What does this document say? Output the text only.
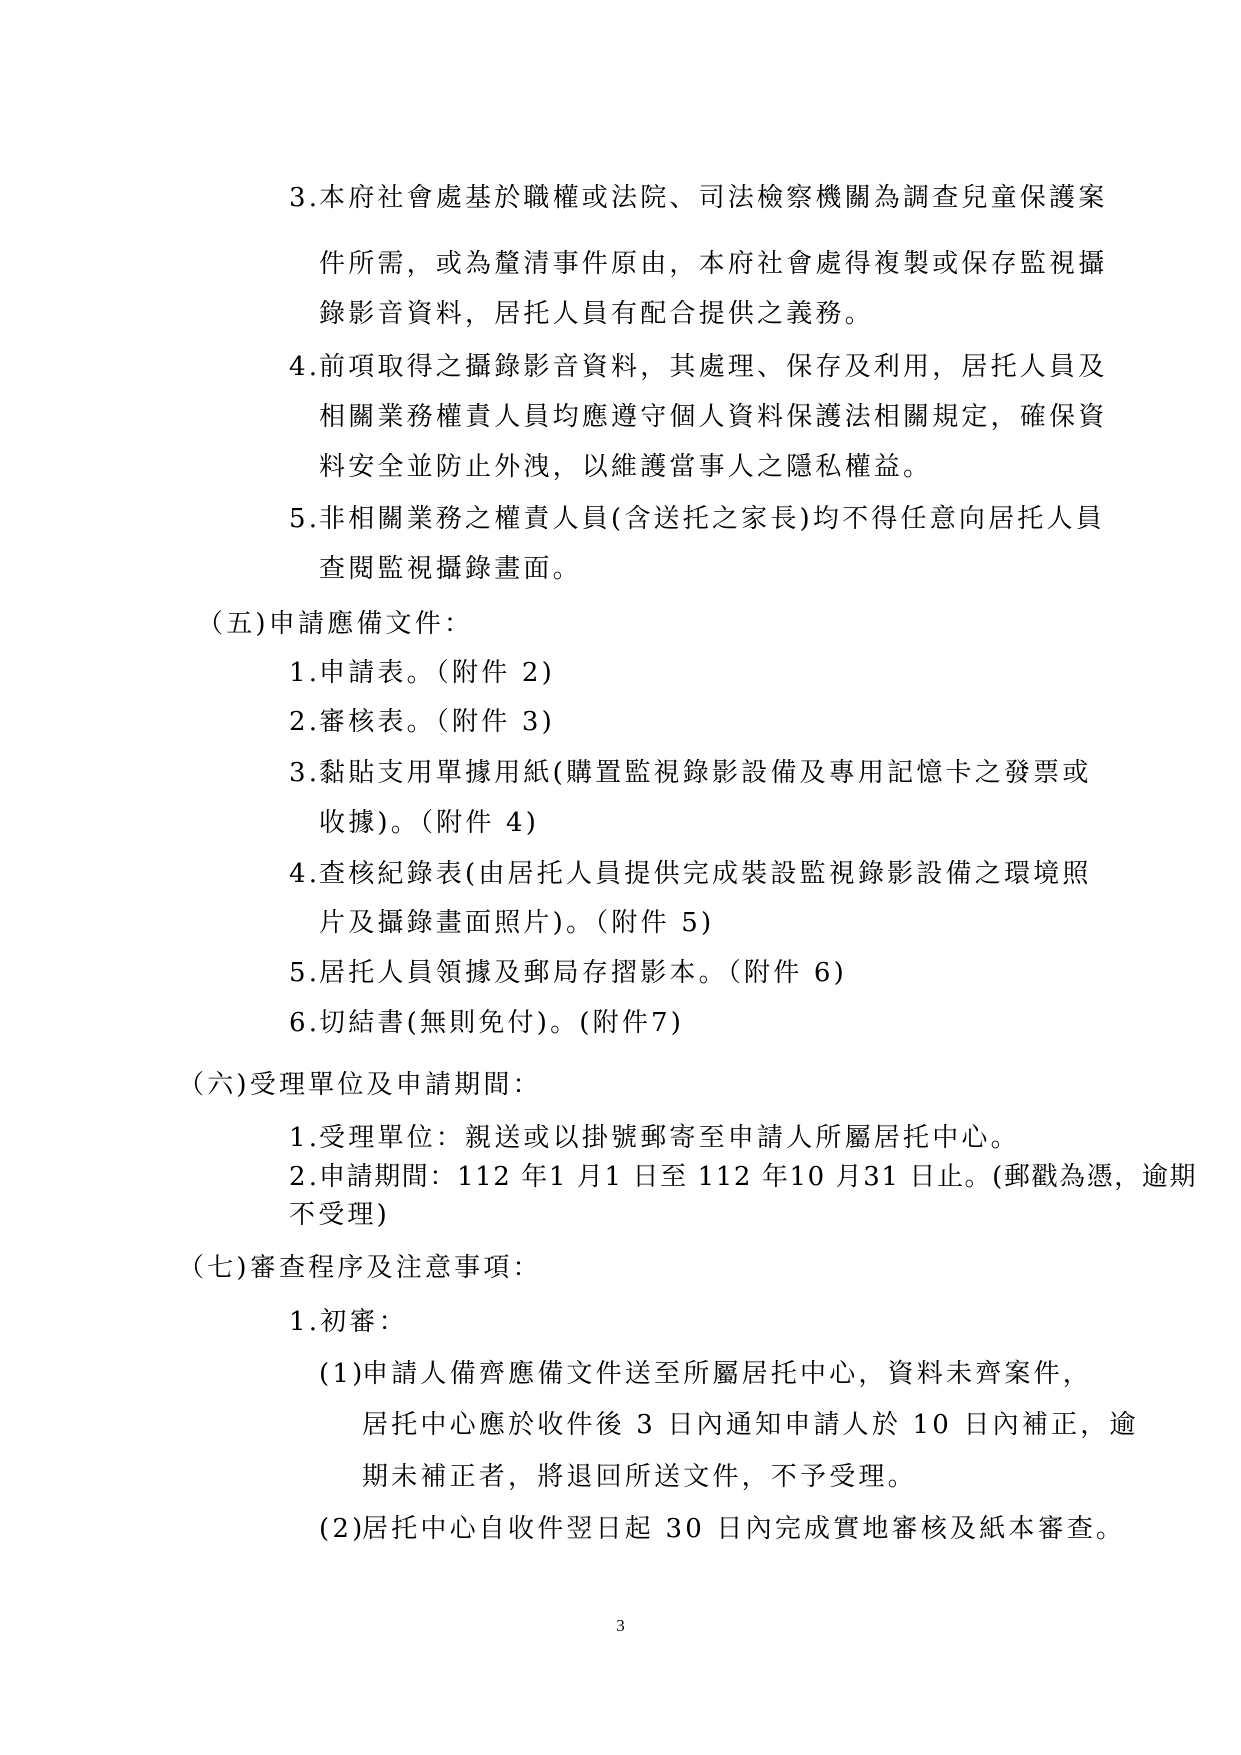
3.

本府社會處基於職權或法院、司法檢察機關為調查兒童保護案

件所需，或為釐清事件原由，本府社會處得複製或保存監視攝

錄影音資料，居托人員有配合提供之義務。

4.

前項取得之攝錄影音資料，其處理、保存及利用，居托人員及

相關業務權責人員均應遵守個人資料保護法相關規定，確保資

料安全並防止外洩，以維護當事人之隱私權益。

5.

非相關業務之權責人員(含送托之家長)均不得任意向居托人員

查閱監視攝錄畫面。

（五)申請應備文件：

1.

申請表。（附件 2)

2.

審核表。（附件 3)

3.

黏貼支用單據用紙(購置監視錄影設備及專用記憶卡之發票或

收據)。（附件 4)

4.

查核紀錄表(由居托人員提供完成裝設監視錄影設備之環境照

片及攝錄畫面照片)。（附件 5)

5.

居托人員領據及郵局存摺影本。（附件 6)

6.

切結書(無則免付)。(附件7)

（六)受理單位及申請期間：

1.

受理單位：親送或以掛號郵寄至申請人所屬居托中心。

2.

申請期間：112 年1 月1 日至 112 年10 月31 日止。(郵戳為憑，逾期

不受理)

（七)審查程序及注意事項：

1.初審：

(1)

申請人備齊應備文件送至所屬居托中心，資料未齊案件，

居托中心應於收件後 3 日內通知申請人於 10 日內補正，逾

期未補正者，將退回所送文件，不予受理。

(2)

居托中心自收件翌日起 30 日內完成實地審核及紙本審查。

3
